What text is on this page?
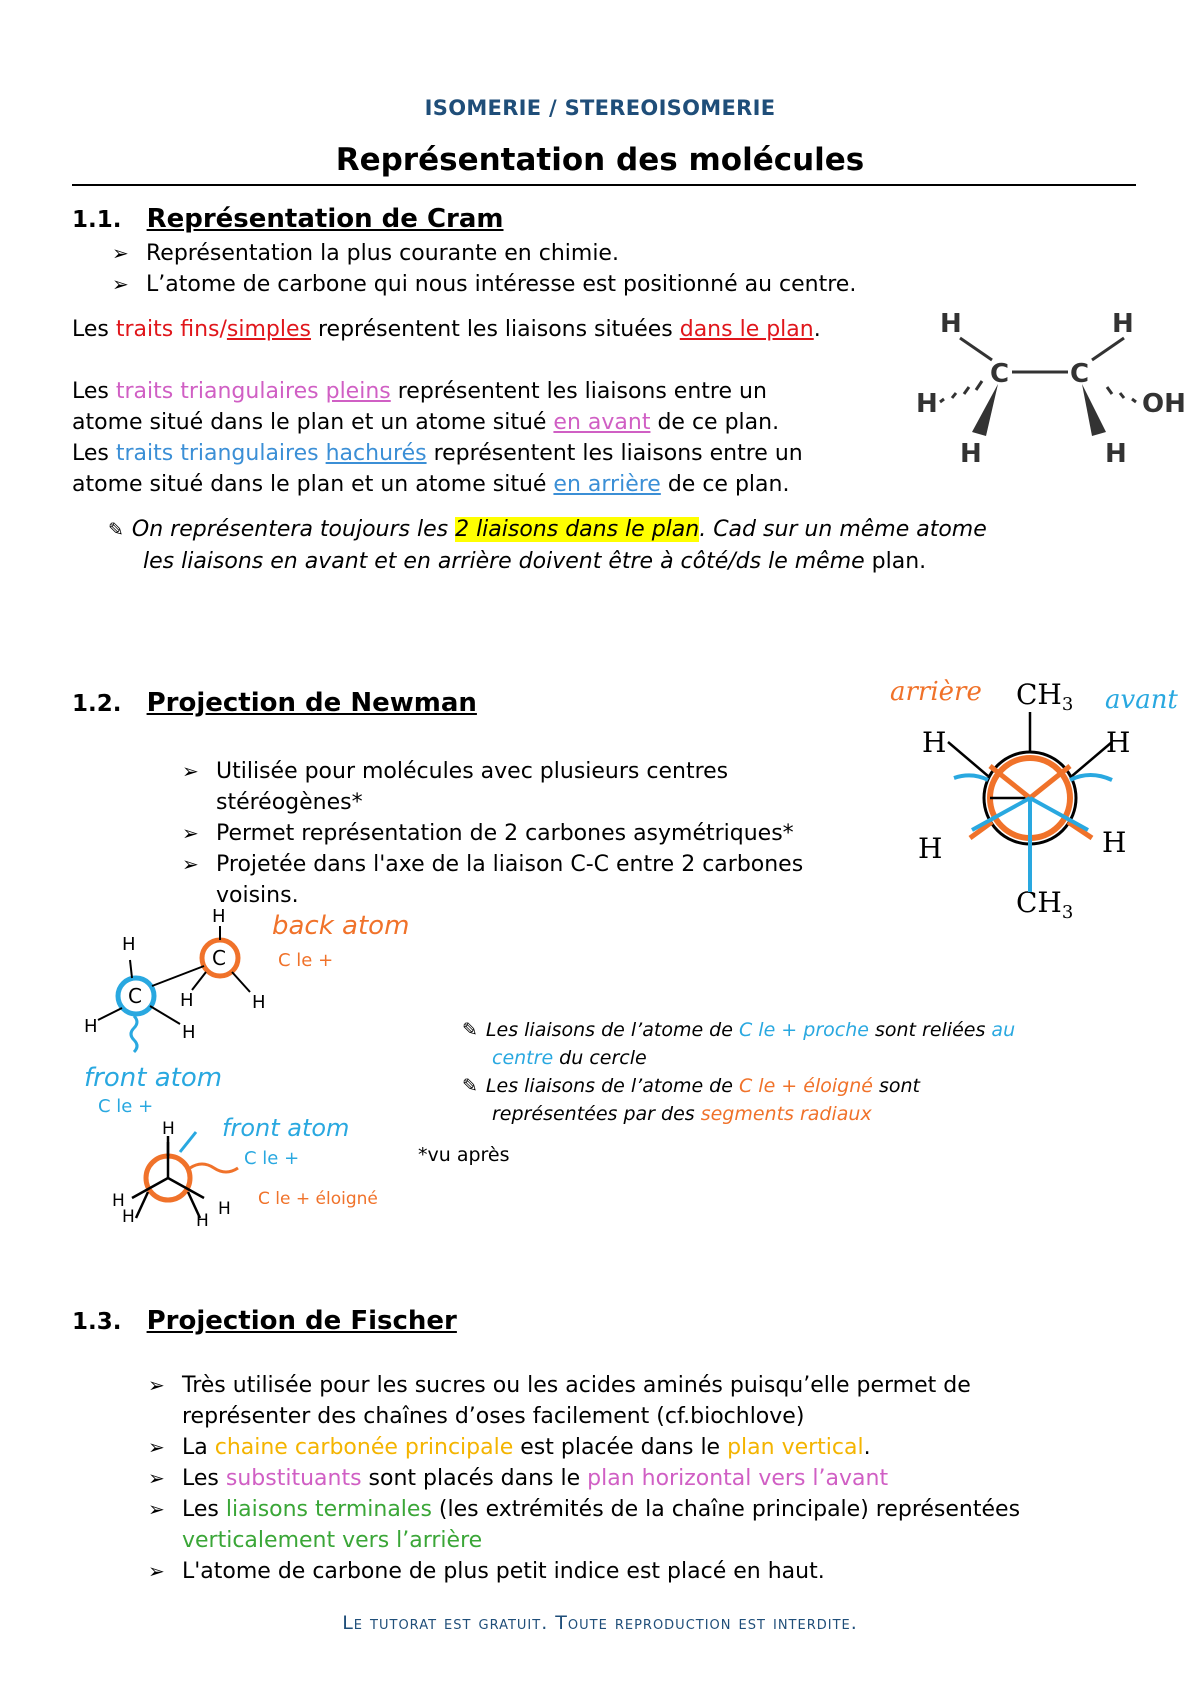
ISOMERIE / STEREOISOMERIE
Représentation des molécules
1.1. Représentation de Cram
➢ Représentation la plus courante en chimie.
➢ L’atome de carbone qui nous intéresse est positionné au centre.
Les traits fins/simples représentent les liaisons situées dans le plan.
Les traits triangulaires pleins représentent les liaisons entre un
atome situé dans le plan et un atome situé en avant de ce plan.
Les traits triangulaires hachurés représentent les liaisons entre un
atome situé dans le plan et un atome situé en arrière de ce plan.
✎ On représentera toujours les 2 liaisons dans le plan. Cad sur un même atome
les liaisons en avant et en arrière doivent être à côté/ds le même plan.
H	H
C C
H	OH
H	H
1.2. Projection de Newman
➢ Utilisée pour molécules avec plusieurs centres
stéréogènes*
➢ Permet représentation de 2 carbones asymétriques*
➢ Projetée dans l'axe de la liaison C-C entre 2 carbones
voisins.
arrière	avant
$CH_3$
H	H
H	H
$CH_3$
back atom
C le +
C
C
H
H
H	H
H	H
front atom
C le +
front atom
C le +
C le + éloigné
H
H
H	H
H
✎ Les liaisons de l’atome de C le + proche sont reliées au
centre du cercle
✎ Les liaisons de l’atome de C le + éloigné sont
représentées par des segments radiaux
*vu après
1.3. Projection de Fischer
➢ Très utilisée pour les sucres ou les acides aminés puisqu’elle permet de
représenter des chaînes d’oses facilement (cf.biochlove)
➢ La chaine carbonée principale est placée dans le plan vertical.
➢ Les substituants sont placés dans le plan horizontal vers l’avant
➢ Les liaisons terminales (les extrémités de la chaîne principale) représentées
verticalement vers l’arrière
➢ L'atome de carbone de plus petit indice est placé en haut.
Le tutorat est gratuit. Toute reproduction est interdite.
